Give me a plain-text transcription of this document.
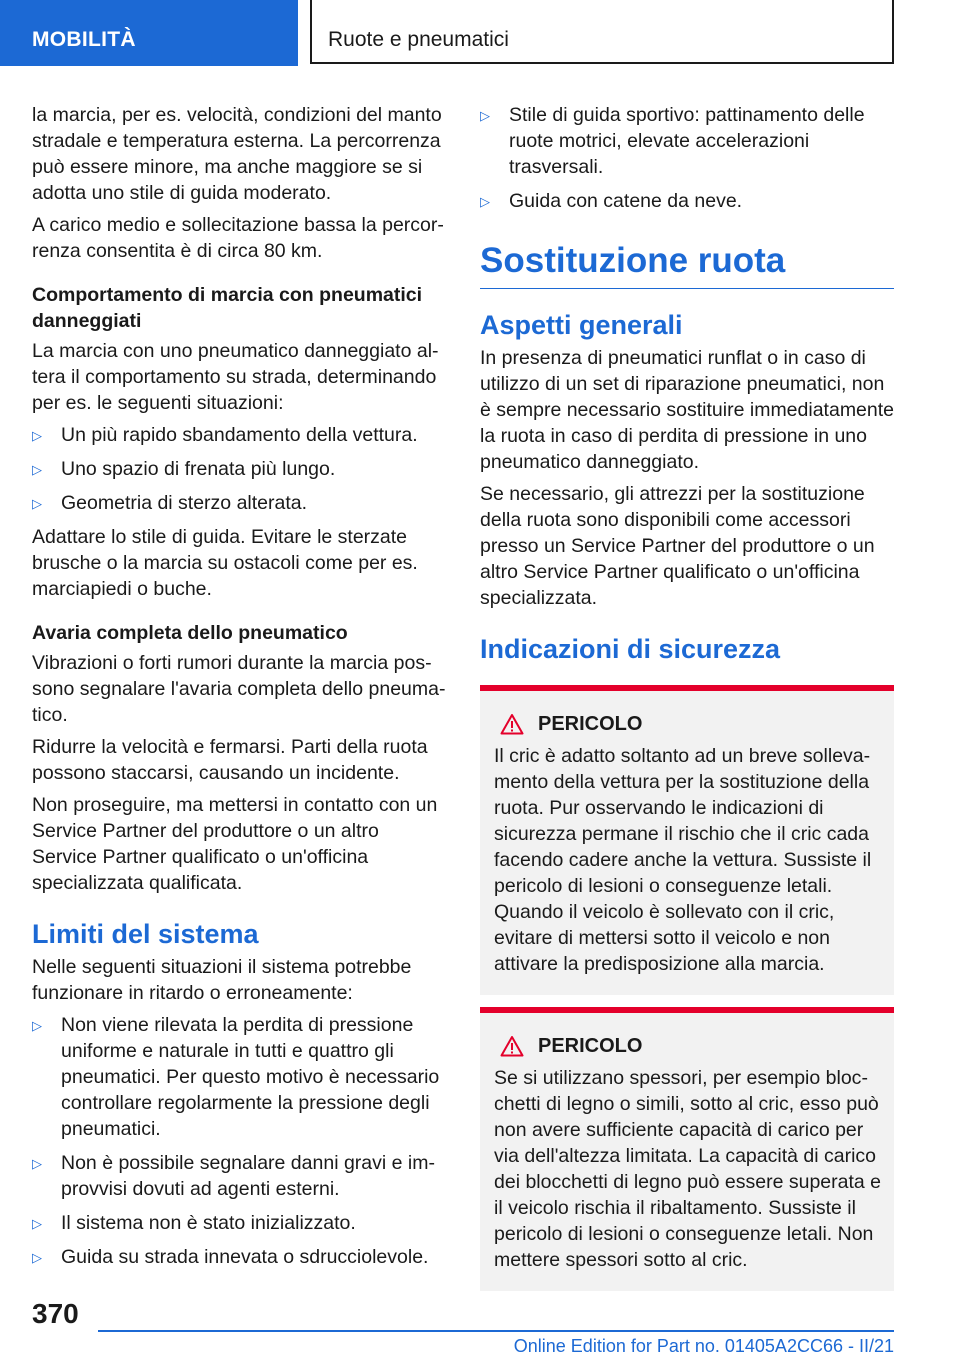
MOBILITÀ	Ruote e pneumatici

la marcia, per es. velocità, condizioni del manto stradale e temperatura esterna. La percorrenza può essere minore, ma anche maggiore se si adotta uno stile di guida moderato.

A carico medio e sollecitazione bassa la percorrenza consentita è di circa 80 km.

Comportamento di marcia con pneumatici danneggiati

La marcia con uno pneumatico danneggiato altera il comportamento su strada, determinando per es. le seguenti situazioni:

▷ Un più rapido sbandamento della vettura.
▷ Uno spazio di frenata più lungo.
▷ Geometria di sterzo alterata.

Adattare lo stile di guida. Evitare le sterzate brusche o la marcia su ostacoli come per es. marciapiedi o buche.

Avaria completa dello pneumatico

Vibrazioni o forti rumori durante la marcia possono segnalare l'avaria completa dello pneumatico.

Ridurre la velocità e fermarsi. Parti della ruota possono staccarsi, causando un incidente.

Non proseguire, ma mettersi in contatto con un Service Partner del produttore o un altro Service Partner qualificato o un'officina specializzata qualificata.

Limiti del sistema

Nelle seguenti situazioni il sistema potrebbe funzionare in ritardo o erroneamente:

▷ Non viene rilevata la perdita di pressione uniforme e naturale in tutti e quattro gli pneumatici. Per questo motivo è necessario controllare regolarmente la pressione degli pneumatici.
▷ Non è possibile segnalare danni gravi e improvvisi dovuti ad agenti esterni.
▷ Il sistema non è stato inizializzato.
▷ Guida su strada innevata o sdrucciolevole.
▷ Stile di guida sportivo: pattinamento delle ruote motrici, elevate accelerazioni trasversali.
▷ Guida con catene da neve.
Sostituzione ruota
Aspetti generali

In presenza di pneumatici runflat o in caso di utilizzo di un set di riparazione pneumatici, non è sempre necessario sostituire immediatamente la ruota in caso di perdita di pressione in uno pneumatico danneggiato.

Se necessario, gli attrezzi per la sostituzione della ruota sono disponibili come accessori presso un Service Partner del produttore o un altro Service Partner qualificato o un'officina specializzata.

Indicazioni di sicurezza
PERICOLO
Il cric è adatto soltanto ad un breve sollevamento della vettura per la sostituzione della ruota. Pur osservando le indicazioni di sicurezza permane il rischio che il cric cada facendo cadere anche la vettura. Sussiste il pericolo di lesioni o conseguenze letali. Quando il veicolo è sollevato con il cric, evitare di mettersi sotto il veicolo e non attivare la predisposizione alla marcia.
PERICOLO
Se si utilizzano spessori, per esempio blocchetti di legno o simili, sotto al cric, esso può non avere sufficiente capacità di carico per via dell'altezza limitata. La capacità di carico dei blocchetti di legno può essere superata e il veicolo rischia il ribaltamento. Sussiste il pericolo di lesioni o conseguenze letali. Non mettere spessori sotto al cric.
370
Online Edition for Part no. 01405A2CC66 - II/21
